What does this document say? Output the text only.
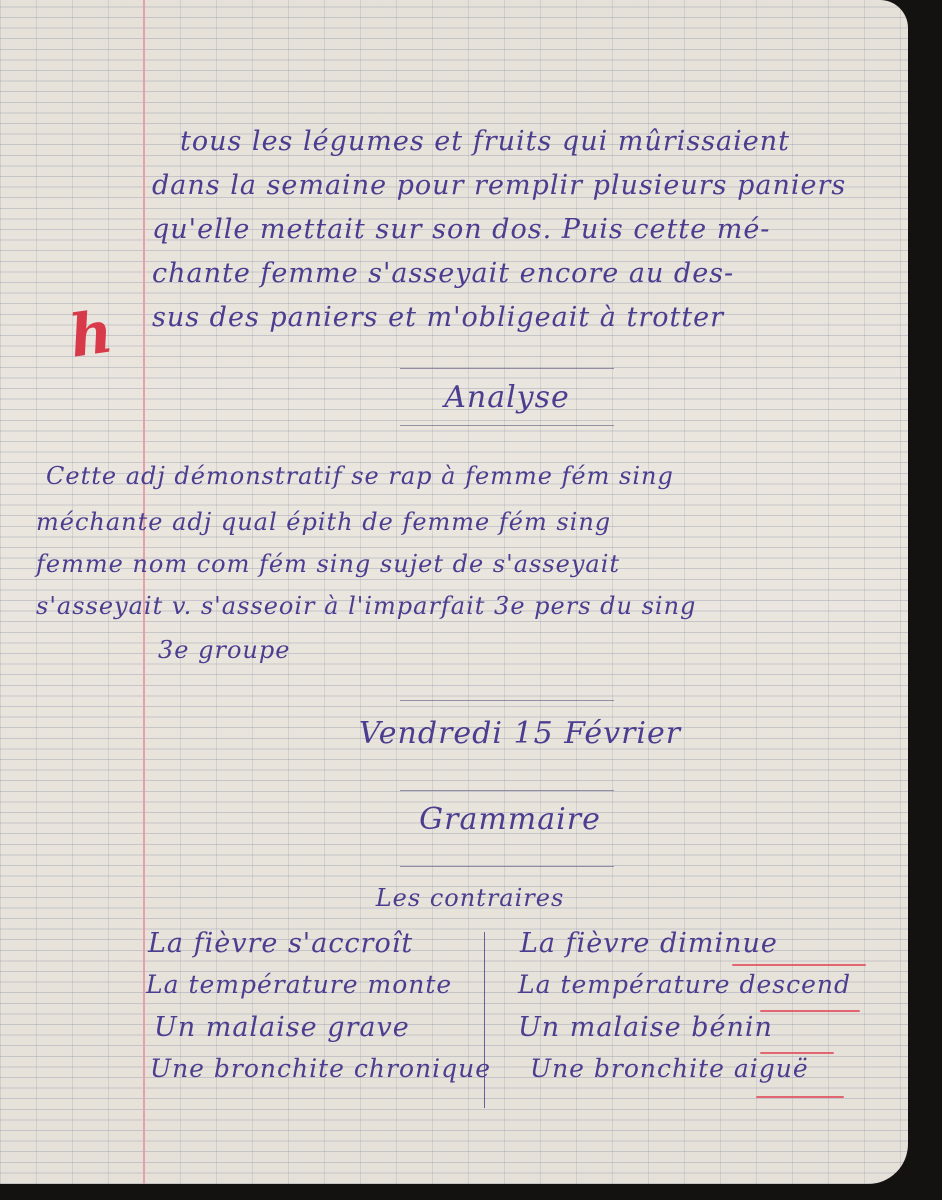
tous les légumes et fruits qui mûrissaient
dans la semaine pour remplir plusieurs paniers
qu'elle mettait sur son dos. Puis cette mé-
chante femme s'asseyait encore au des-
sus des paniers et m'obligeait à trotter
h
Analyse
Cette adj démonstratif se rap à femme fém sing
méchante adj qual épith de femme fém sing
femme nom com fém sing sujet de s'asseyait
s'asseyait v. s'asseoir à l'imparfait 3e pers du sing
3e groupe
Vendredi 15 Février
Grammaire
Les contraires
La fièvre s'accroît	La fièvre diminue
La température monte	La température descend
Un malaise grave	Un malaise bénin
Une bronchite chronique Une bronchite aiguë
